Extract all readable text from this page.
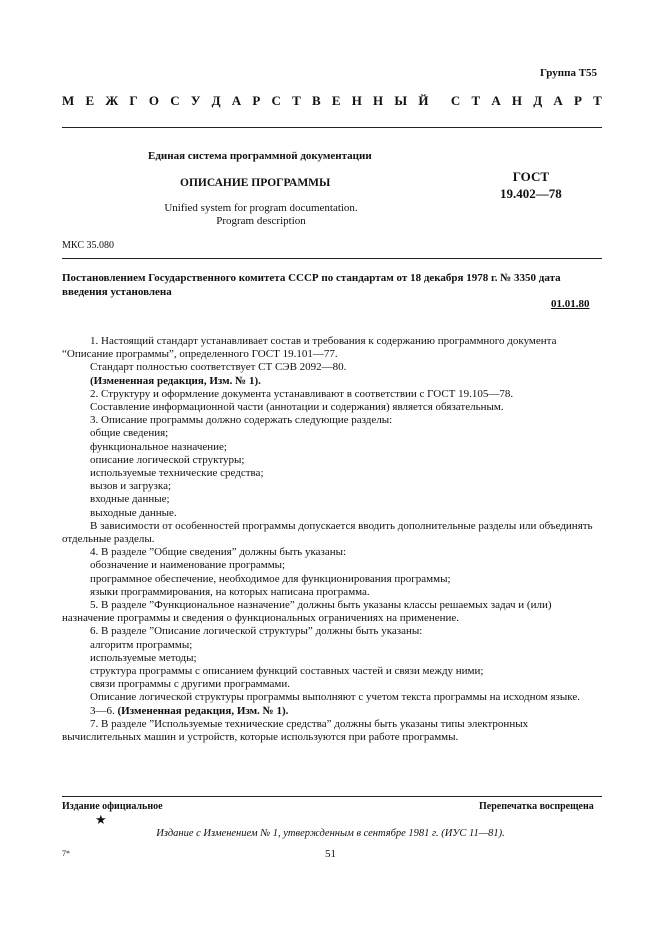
Группа Т55
М Е Ж Г О С У Д А Р С Т В Е Н Н Ы Й С Т А Н Д А Р Т
Единая система программной документации
ОПИСАНИЕ ПРОГРАММЫ	ГОСТ
19.402—78
Unified system for program documentation.
Program description
МКС 35.080
Постановлением Государственного комитета СССР по стандартам от 18 декабря 1978 г. № 3350 дата введения установлена
01.01.80

1. Настоящий стандарт устанавливает состав и требования к содержанию программного документа “Описание программы”, определенного ГОСТ 19.101—77.

Стандарт полностью соответствует СТ СЭВ 2092—80.

(Измененная редакция, Изм. № 1).

2. Структуру и оформление документа устанавливают в соответствии с ГОСТ 19.105—78.

Составление информационной части (аннотации и содержания) является обязательным.

3. Описание программы должно содержать следующие разделы:

общие сведения;

функциональное назначение;

описание логической структуры;

используемые технические средства;

вызов и загрузка;

входные данные;

выходные данные.

В зависимости от особенностей программы допускается вводить дополнительные разделы или объединять отдельные разделы.

4. В разделе ”Общие сведения” должны быть указаны:

обозначение и наименование программы;

программное обеспечение, необходимое для функционирования программы;

языки программирования, на которых написана программа.

5. В разделе ”Функциональное назначение” должны быть указаны классы решаемых задач и (или) назначение программы и сведения о функциональных ограничениях на применение.

6. В разделе ”Описание логической структуры” должны быть указаны:

алгоритм программы;

используемые методы;

структура программы с описанием функций составных частей и связи между ними;

связи программы с другими программами.

Описание логической структуры программы выполняют с учетом текста программы на исходном языке.

3—6. (Измененная редакция, Изм. № 1).

7. В разделе ”Используемые технические средства” должны быть указаны типы электронных вычислительных машин и устройств, которые используются при работе программы.

Издание официальное
★
Перепечатка воспрещена
Издание с Изменением № 1, утвержденным в сентябре 1981 г. (ИУС 11—81).
7*	51
